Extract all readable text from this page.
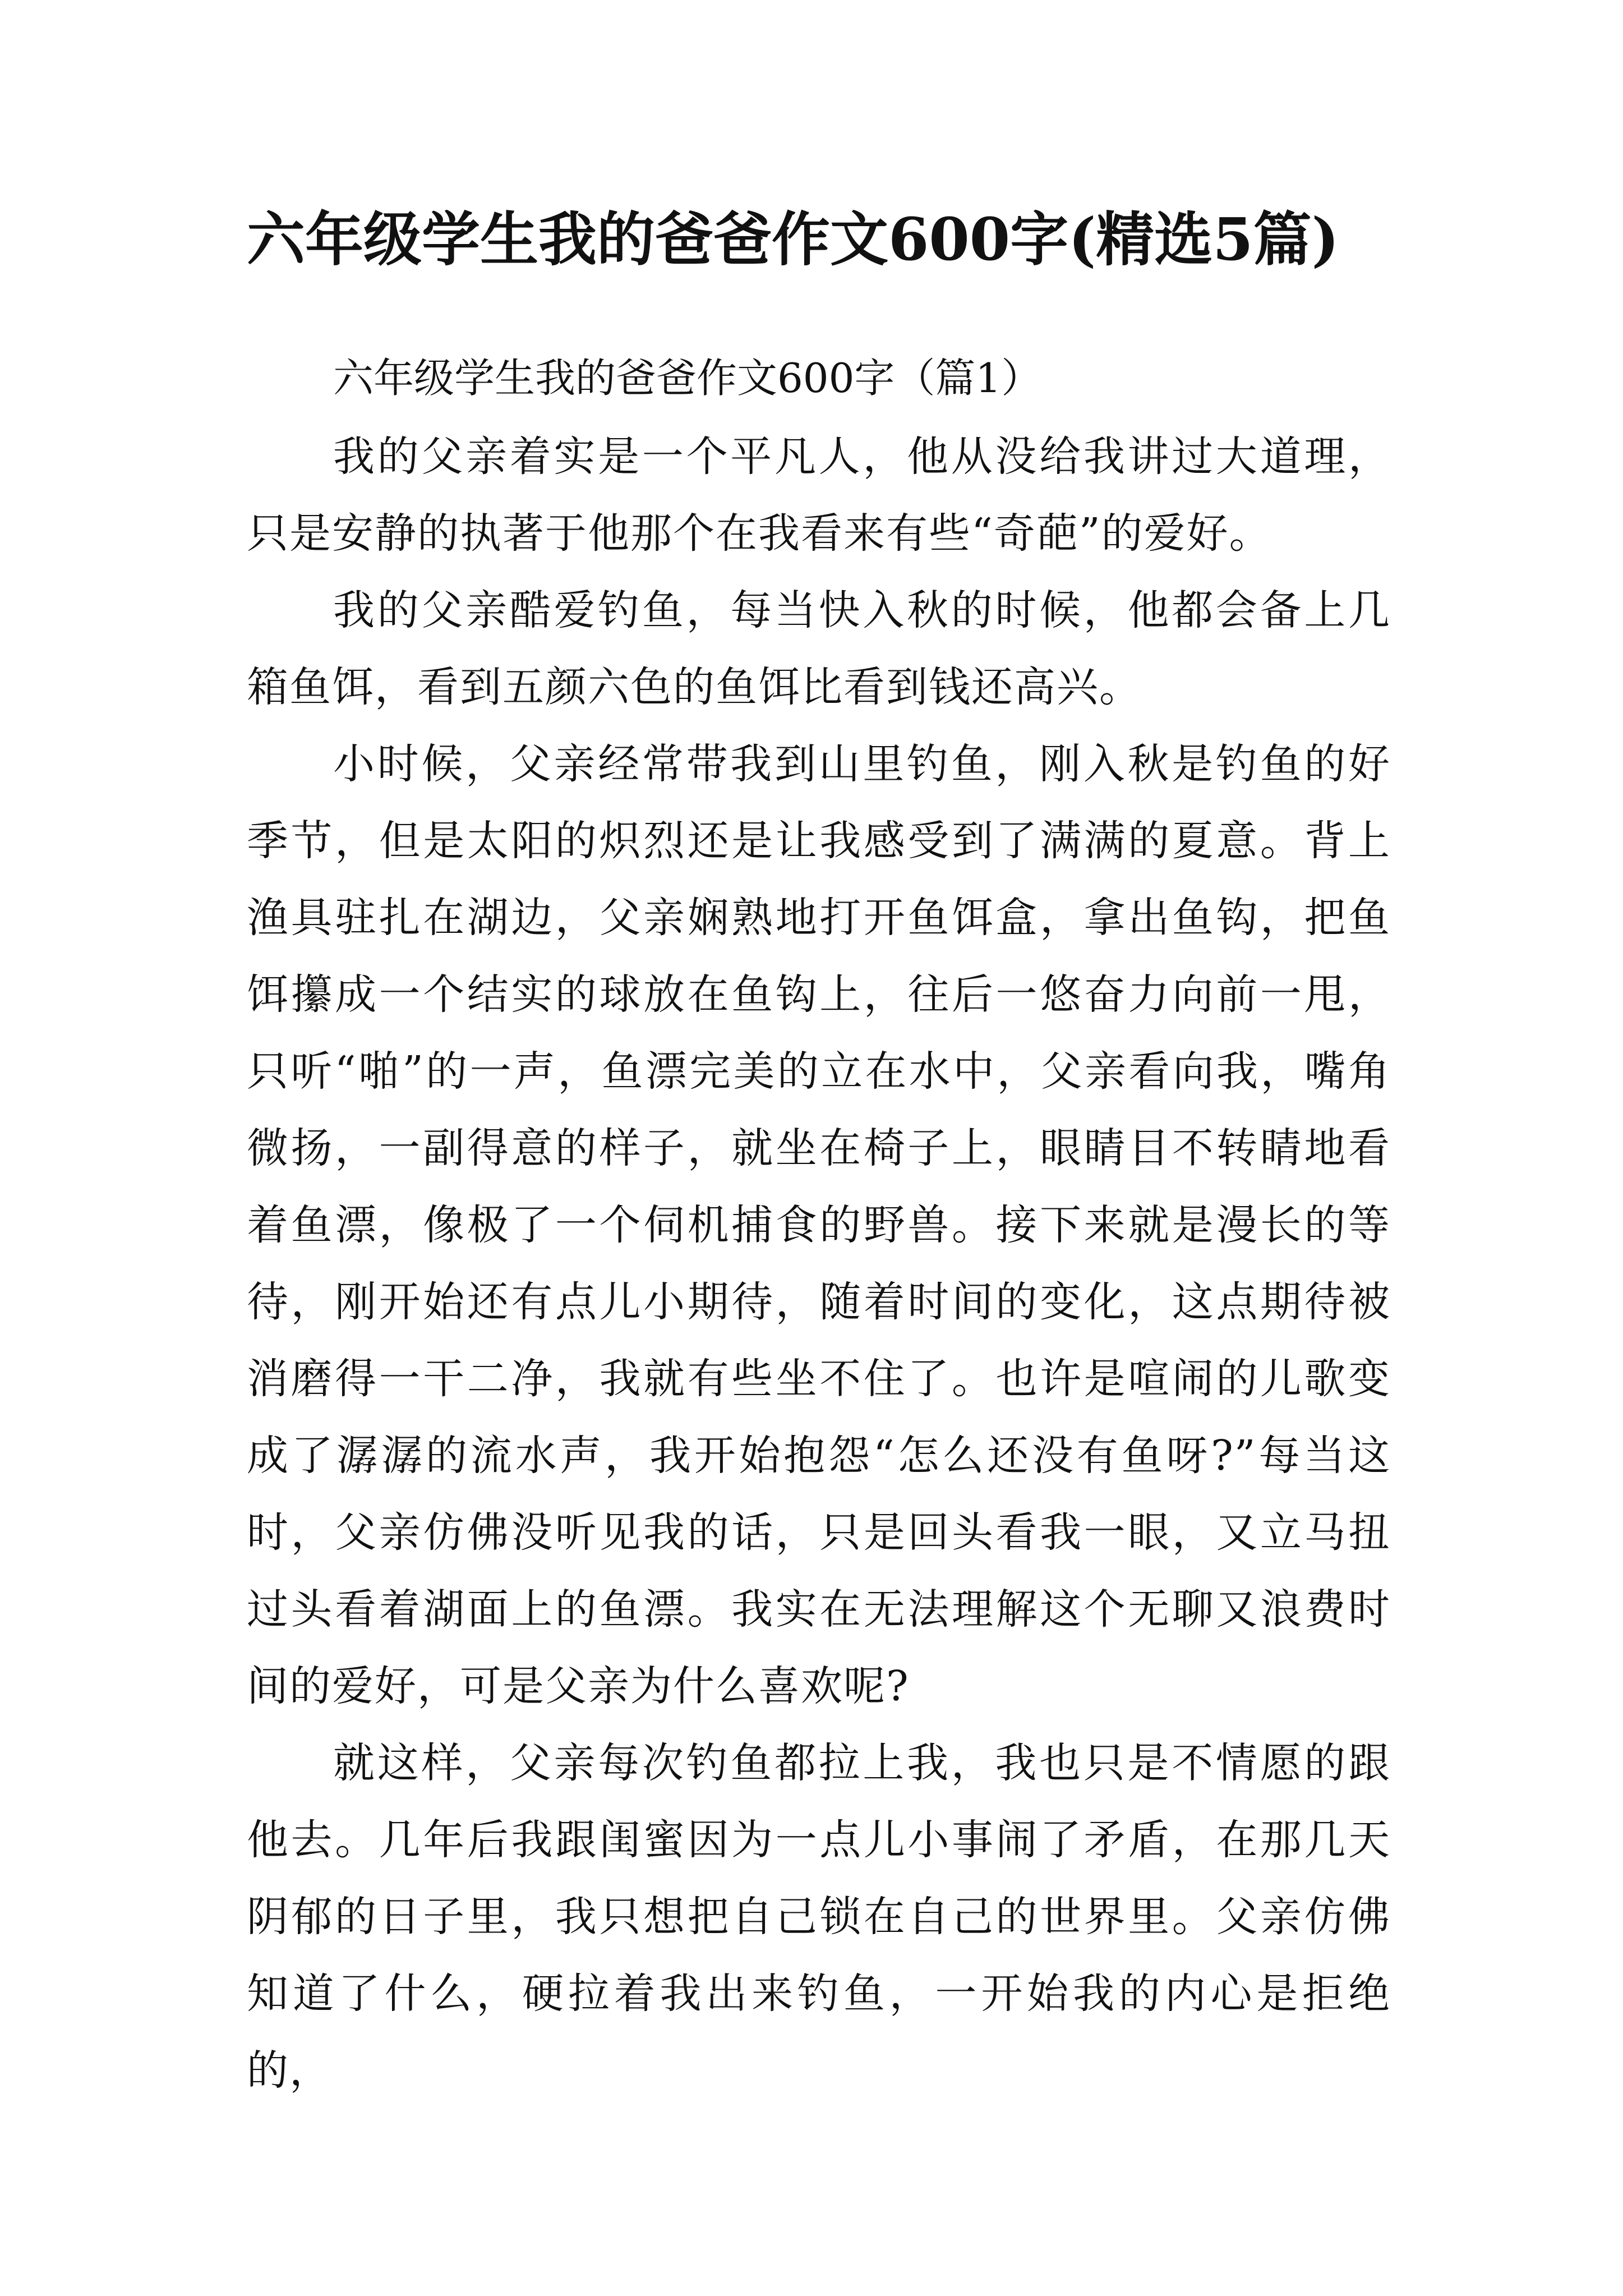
六年级学生我的爸爸作文600字(精选5篇)

六年级学生我的爸爸作文600字（篇1）

我的父亲着实是一个平凡人，他从没给我讲过大道理，只是安静的执著于他那个在我看来有些“奇葩”的爱好。

我的父亲酷爱钓鱼，每当快入秋的时候，他都会备上几箱鱼饵，看到五颜六色的鱼饵比看到钱还高兴。

小时候，父亲经常带我到山里钓鱼，刚入秋是钓鱼的好季节，但是太阳的炽烈还是让我感受到了满满的夏意。背上渔具驻扎在湖边，父亲娴熟地打开鱼饵盒，拿出鱼钩，把鱼饵攥成一个结实的球放在鱼钩上，往后一悠奋力向前一甩，只听“啪”的一声，鱼漂完美的立在水中，父亲看向我，嘴角微扬，一副得意的样子，就坐在椅子上，眼睛目不转睛地看着鱼漂，像极了一个伺机捕食的野兽。接下来就是漫长的等待，刚开始还有点儿小期待，随着时间的变化，这点期待被消磨得一干二净，我就有些坐不住了。也许是喧闹的儿歌变成了潺潺的流水声，我开始抱怨“怎么还没有鱼呀?”每当这时，父亲仿佛没听见我的话，只是回头看我一眼，又立马扭过头看着湖面上的鱼漂。我实在无法理解这个无聊又浪费时间的爱好，可是父亲为什么喜欢呢?

就这样，父亲每次钓鱼都拉上我，我也只是不情愿的跟他去。几年后我跟闺蜜因为一点儿小事闹了矛盾，在那几天阴郁的日子里，我只想把自己锁在自己的世界里。父亲仿佛知道了什么，硬拉着我出来钓鱼，一开始我的内心是拒绝的，
